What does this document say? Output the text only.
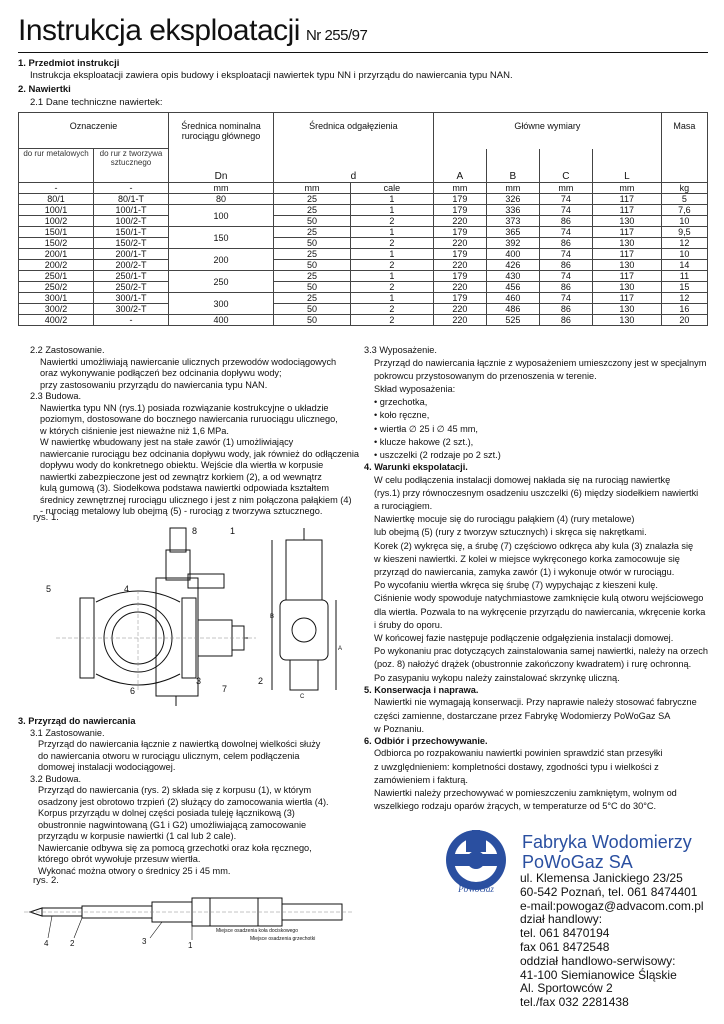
Instrukcja eksploatacji Nr 255/97
1. Przedmiot instrukcji
Instrukcja eksploatacji zawiera opis budowy i eksploatacji nawiertek typu NN i przyrządu do nawiercania typu NAN.
2. Nawiertki
2.1 Dane techniczne nawiertek:
Oznaczenie		Średnica nominalna rurociągu głównego	Średnica odgałęzienia		Główne wymiary				Masa
do rur metalowych	do rur z tworzywa sztucznego	Dn	d		A	B	C	L	
-	-	mm	mm	cale	mm	mm	mm	mm	kg
80/1	80/1-T	80	25	1	179	326	74	117	5
100/1	100/1-T	100	25	1	179	336	74	117	7,6
100/2	100/2-T		50	2	220	373	86	130	10
150/1	150/1-T	150	25	1	179	365	74	117	9,5
150/2	150/2-T		50	2	220	392	86	130	12
200/1	200/1-T	200	25	1	179	400	74	117	10
200/2	200/2-T		50	2	220	426	86	130	14
250/1	250/1-T	250	25	1	179	430	74	117	11
250/2	250/2-T		50	2	220	456	86	130	15
300/1	300/1-T	300	25	1	179	460	74	117	12
300/2	300/2-T		50	2	220	486	86	130	16
400/2	-	400	50	2	220	525	86	130	20

2.2 Zastosowanie.

Nawiertki umożliwiają nawiercanie ulicznych przewodów wodociągowych
oraz wykonywanie podłączeń bez odcinania dopływu wody;
przy zastosowaniu przyrządu do nawiercania typu NAN.

2.3 Budowa.

Nawiertka typu NN (rys.1) posiada rozwiązanie kostrukcyjne o układzie
poziomym, dostosowane do bocznego nawiercania ruruociągu ulicznego,
w których ciśnienie jest nieważne niż 1,6 MPa.
W nawiertkę wbudowany jest na stałe zawór (1) umożliwiający
nawiercanie rurociągu bez odcinania dopływu wody, jak również do odłączenia
dopływu wody do konkretnego obiektu. Wejście dla wiertła w korpusie
nawiertki zabezpieczone jest od zewnątrz korkiem (2), a od wewnątrz
kulą gumową (3). Siodełkowa podstawa nawiertki odpowiada kształtem
średnicy zewnętrznej rurociągu ulicznego i jest z nim połączona pałąkiem (4)
- rurociąg metalowy lub obejmą (5) - rurociąg z tworzywa sztucznego.
rys. 1.
8	1
5	4
3
7
2
6
B
A
C

3. Przyrząd do nawiercania

3.1 Zastosowanie.

Przyrząd do nawiercania łącznie z nawiertką dowolnej wielkości służy
do nawiercania otworu w rurociągu ulicznym, celem podłączenia
domowej instalacji wodociągowej.

3.2 Budowa.

Przyrząd do nawiercania (rys. 2) składa się z korpusu (1), w którym
osadzony jest obrotowo trzpień (2) służący do zamocowania wiertła (4).
Korpus przyrządu w dolnej części posiada tuleję łącznikową (3)
obustronnie nagwintowaną (G1 i G2) umożliwiającą zamocowanie
przyrządu w korpusie nawiertki (1 cal lub 2 cale).
Nawiercanie odbywa się za pomocą grzechotki oraz koła ręcznego,
którego obrót wywołuje przesuw wiertła.
Wykonać można otwory o średnicy 25 i 45 mm.
rys. 2.
4	2	3	1
Miejsce osadzenia koła dociskowego
Miejsce osadzenia grzechotki

3.3 Wyposażenie.

Przyrząd do nawiercania łącznie z wyposażeniem umieszczony jest w specjalnym
pokrowcu przystosowanym do przenoszenia w terenie.
Skład wyposażenia:
• grzechotka,
• koło ręczne,
• wiertła ∅ 25 i ∅ 45 mm,
• klucze hakowe (2 szt.),
• uszczelki (2 rodzaje po 2 szt.)

4. Warunki ekspolatacji.

W celu podłączenia instalacji domowej nakłada się na rurociąg nawiertkę
(rys.1) przy równoczesnym osadzeniu uszczelki (6) między siodełkiem nawiertki
a rurociągiem.
Nawiertkę mocuje się do rurociągu pałąkiem (4) (rury metalowe)
lub obejmą (5) (rury z tworzyw sztucznych) i skręca się nakrętkami.
Korek (2) wykręca się, a śrubę (7) częściowo odkręca aby kula (3) znalazła się
w kieszeni nawiertki. Z kolei w miejsce wykręconego korka zamocowuje się
przyrząd do nawiercania, zamyka zawór (1) i wykonuje otwór w rurociągu.
Po wycofaniu wiertła wkręca się śrubę (7) wypychając z kieszeni kulę.
Ciśnienie wody spowoduje natychmiastowe zamknięcie kulą otworu wejściowego
dla wiertła. Pozwala to na wykręcenie przyrządu do nawiercania, wkręcenie korka
i śruby do oporu.
W końcowej fazie następuje podłączenie odgałęzienia instalacji domowej.
Po wykonaniu prac dotyczących zainstalowania samej nawiertki, należy na orzech
(poz. 8) nałożyć drążek (obustronnie zakończony kwadratem) i rurę ochronną.
Po zasypaniu wykopu należy zainstalować skrzynkę uliczną.

5. Konserwacja i naprawa.

Nawiertki nie wymagają konserwacji. Przy naprawie należy stosować fabryczne
części zamienne, dostarczane przez Fabrykę Wodomierzy PoWoGaz SA
w Poznaniu.

6. Odbiór i przechowywanie.

Odbiorca po rozpakowaniu nawiertki powinien sprawdzić stan przesyłki
z uwzględnieniem: kompletności dostawy, zgodności typu i wielkości z
zamówieniem i fakturą.
Nawiertki należy przechowywać w pomieszczeniu zamkniętym, wolnym od
wszelkiego rodzaju oparów żrących, w temperaturze od 5°C do 30°C.
PoWoGaz
Fabryka Wodomierzy
PoWoGaz SA
ul. Klemensa Janickiego 23/25
60-542 Poznań, tel. 061 8474401
e-mail:powogaz@advacom.com.pl
dział handlowy:
tel. 061 8470194
fax 061 8472548
oddział handlowo-serwisowy:
41-100 Siemianowice Śląskie
Al. Sportowców 2
tel./fax 032 2281438
